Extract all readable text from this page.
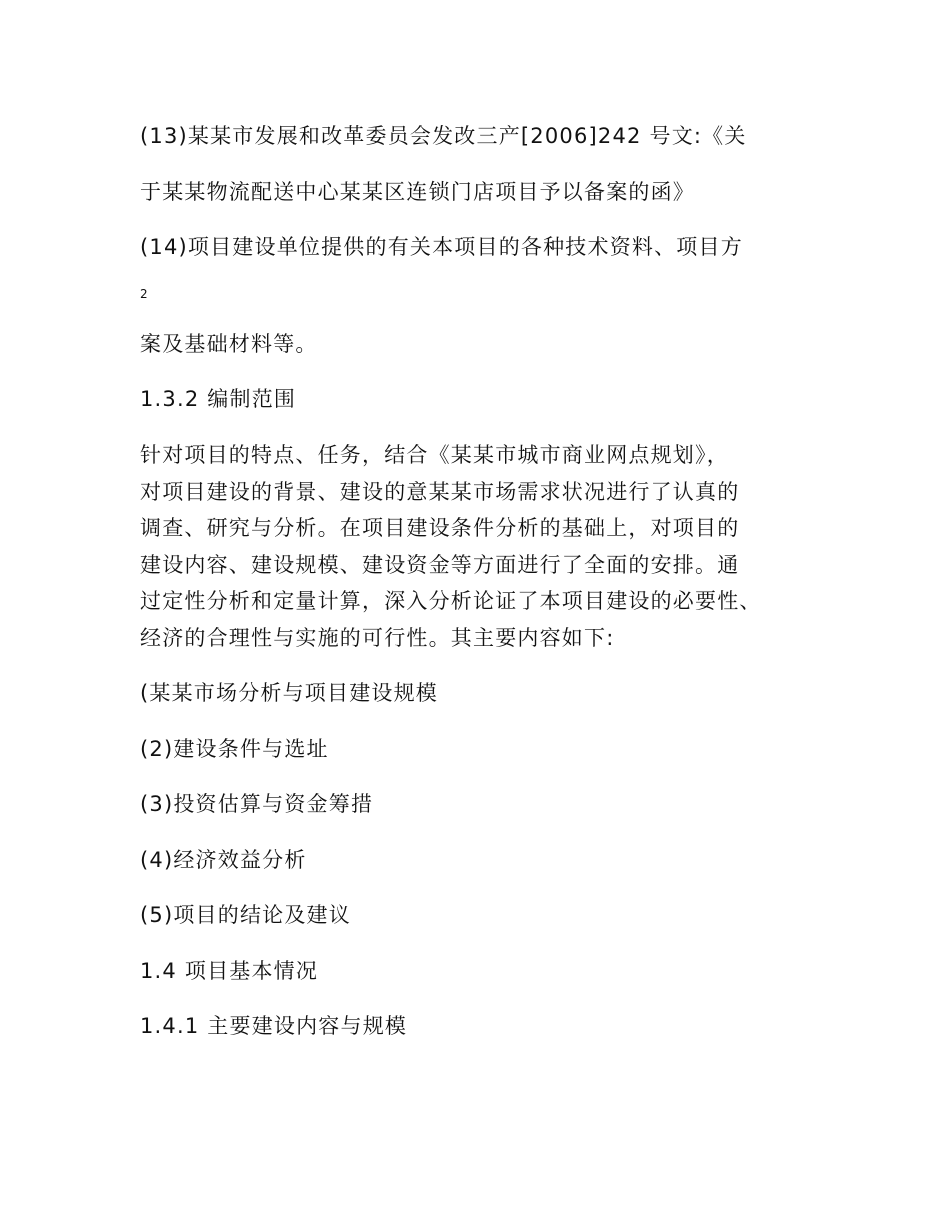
(13)某某市发展和改革委员会发改三产[2006]242 号文:《关
于某某物流配送中心某某区连锁门店项目予以备案的函》
(14)项目建设单位提供的有关本项目的各种技术资料、项目方
2
案及基础材料等。
1.3.2 编制范围
针对项目的特点、任务，结合《某某市城市商业网点规划》，
对项目建设的背景、建设的意某某市场需求状况进行了认真的
调查、研究与分析。在项目建设条件分析的基础上，对项目的
建设内容、建设规模、建设资金等方面进行了全面的安排。通
过定性分析和定量计算，深入分析论证了本项目建设的必要性、
经济的合理性与实施的可行性。其主要内容如下:
(某某市场分析与项目建设规模
(2)建设条件与选址
(3)投资估算与资金筹措
(4)经济效益分析
(5)项目的结论及建议
1.4 项目基本情况
1.4.1 主要建设内容与规模
